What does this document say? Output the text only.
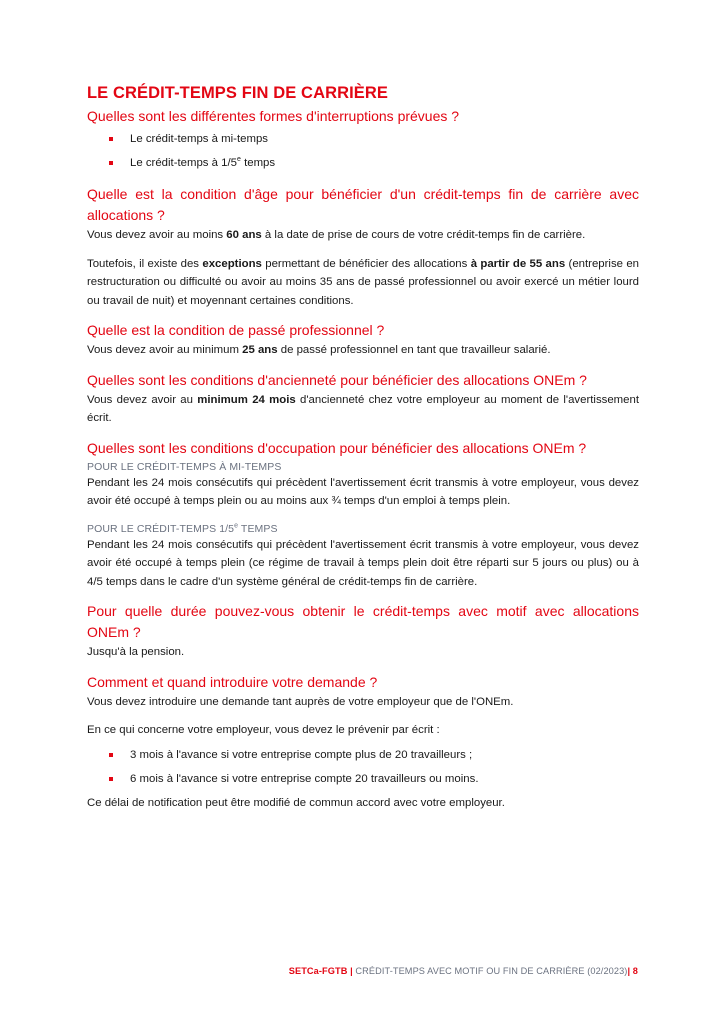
LE CRÉDIT-TEMPS FIN DE CARRIÈRE
Quelles sont les différentes formes d'interruptions prévues ?
Le crédit-temps à mi-temps
Le crédit-temps à 1/5e temps
Quelle est la condition d'âge pour bénéficier d'un crédit-temps fin de carrière avec allocations ?

Vous devez avoir au moins 60 ans à la date de prise de cours de votre crédit-temps fin de carrière.

Toutefois, il existe des exceptions permettant de bénéficier des allocations à partir de 55 ans (entreprise en restructuration ou difficulté ou avoir au moins 35 ans de passé professionnel ou avoir exercé un métier lourd ou travail de nuit) et moyennant certaines conditions.

Quelle est la condition de passé professionnel ?

Vous devez avoir au minimum 25 ans de passé professionnel en tant que travailleur salarié.

Quelles sont les conditions d'ancienneté pour bénéficier des allocations ONEm ?

Vous devez avoir au minimum 24 mois d'ancienneté chez votre employeur au moment de l'avertissement écrit.

Quelles sont les conditions d'occupation pour bénéficier des allocations ONEm ?
POUR LE CRÉDIT-TEMPS À MI-TEMPS

Pendant les 24 mois consécutifs qui précèdent l'avertissement écrit transmis à votre employeur, vous devez avoir été occupé à temps plein ou au moins aux ¾ temps d'un emploi à temps plein.

POUR LE CRÉDIT-TEMPS 1/5e TEMPS

Pendant les 24 mois consécutifs qui précèdent l'avertissement écrit transmis à votre employeur, vous devez avoir été occupé à temps plein (ce régime de travail à temps plein doit être réparti sur 5 jours ou plus) ou à 4/5 temps dans le cadre d'un système général de crédit-temps fin de carrière.

Pour quelle durée pouvez-vous obtenir le crédit-temps avec motif avec allocations ONEm ?

Jusqu'à la pension.

Comment et quand introduire votre demande ?

Vous devez introduire une demande tant auprès de votre employeur que de l'ONEm.

En ce qui concerne votre employeur, vous devez le prévenir par écrit :

3 mois à l'avance si votre entreprise compte plus de 20 travailleurs ;
6 mois à l'avance si votre entreprise compte 20 travailleurs ou moins.

Ce délai de notification peut être modifié de commun accord avec votre employeur.

SETCa-FGTB | CRÉDIT-TEMPS AVEC MOTIF OU FIN DE CARRIÈRE (02/2023)| 8
